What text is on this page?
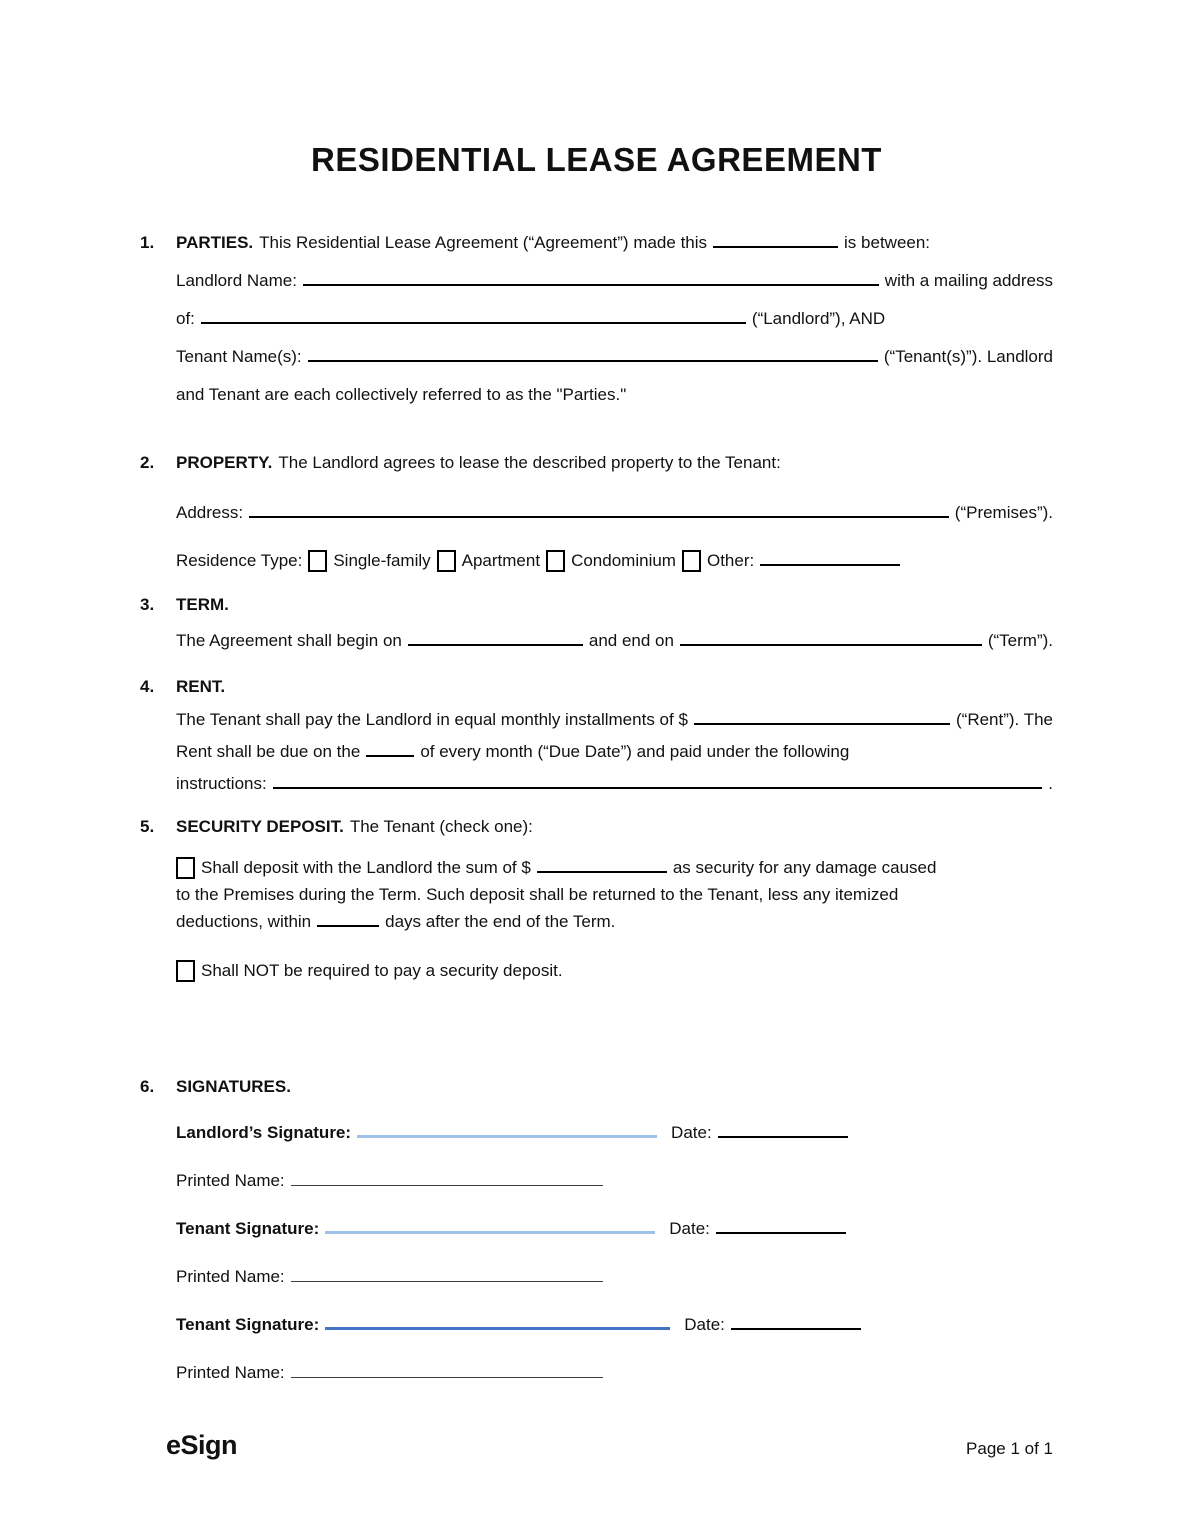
RESIDENTIAL LEASE AGREEMENT
1.	PARTIES. This Residential Lease Agreement (“Agreement”) made this	is between:
Landlord Name:	with a mailing address
of:	(“Landlord”), AND
Tenant Name(s):	(“Tenant(s)”). Landlord
and Tenant are each collectively referred to as the "Parties."
2.	PROPERTY. The Landlord agrees to lease the described property to the Tenant:
Address:	(“Premises”).
Residence Type: Single-family Apartment Condominium Other:
3.	TERM.
The Agreement shall begin on	and end on	(“Term”).
4.	RENT.
The Tenant shall pay the Landlord in equal monthly installments of $	(“Rent”). The
Rent shall be due on the	of every month (“Due Date”) and paid under the following
instructions:	.
5.	SECURITY DEPOSIT. The Tenant (check one):
Shall deposit with the Landlord the sum of $	as security for any damage caused
to the Premises during the Term. Such deposit shall be returned to the Tenant, less any itemized
deductions, within	days after the end of the Term.
Shall NOT be required to pay a security deposit.
6.	SIGNATURES.
Landlord’s Signature:	Date:
Printed Name:
Tenant Signature:	Date:
Printed Name:
Tenant Signature:	Date:
Printed Name:
eSign	Page 1 of 1
